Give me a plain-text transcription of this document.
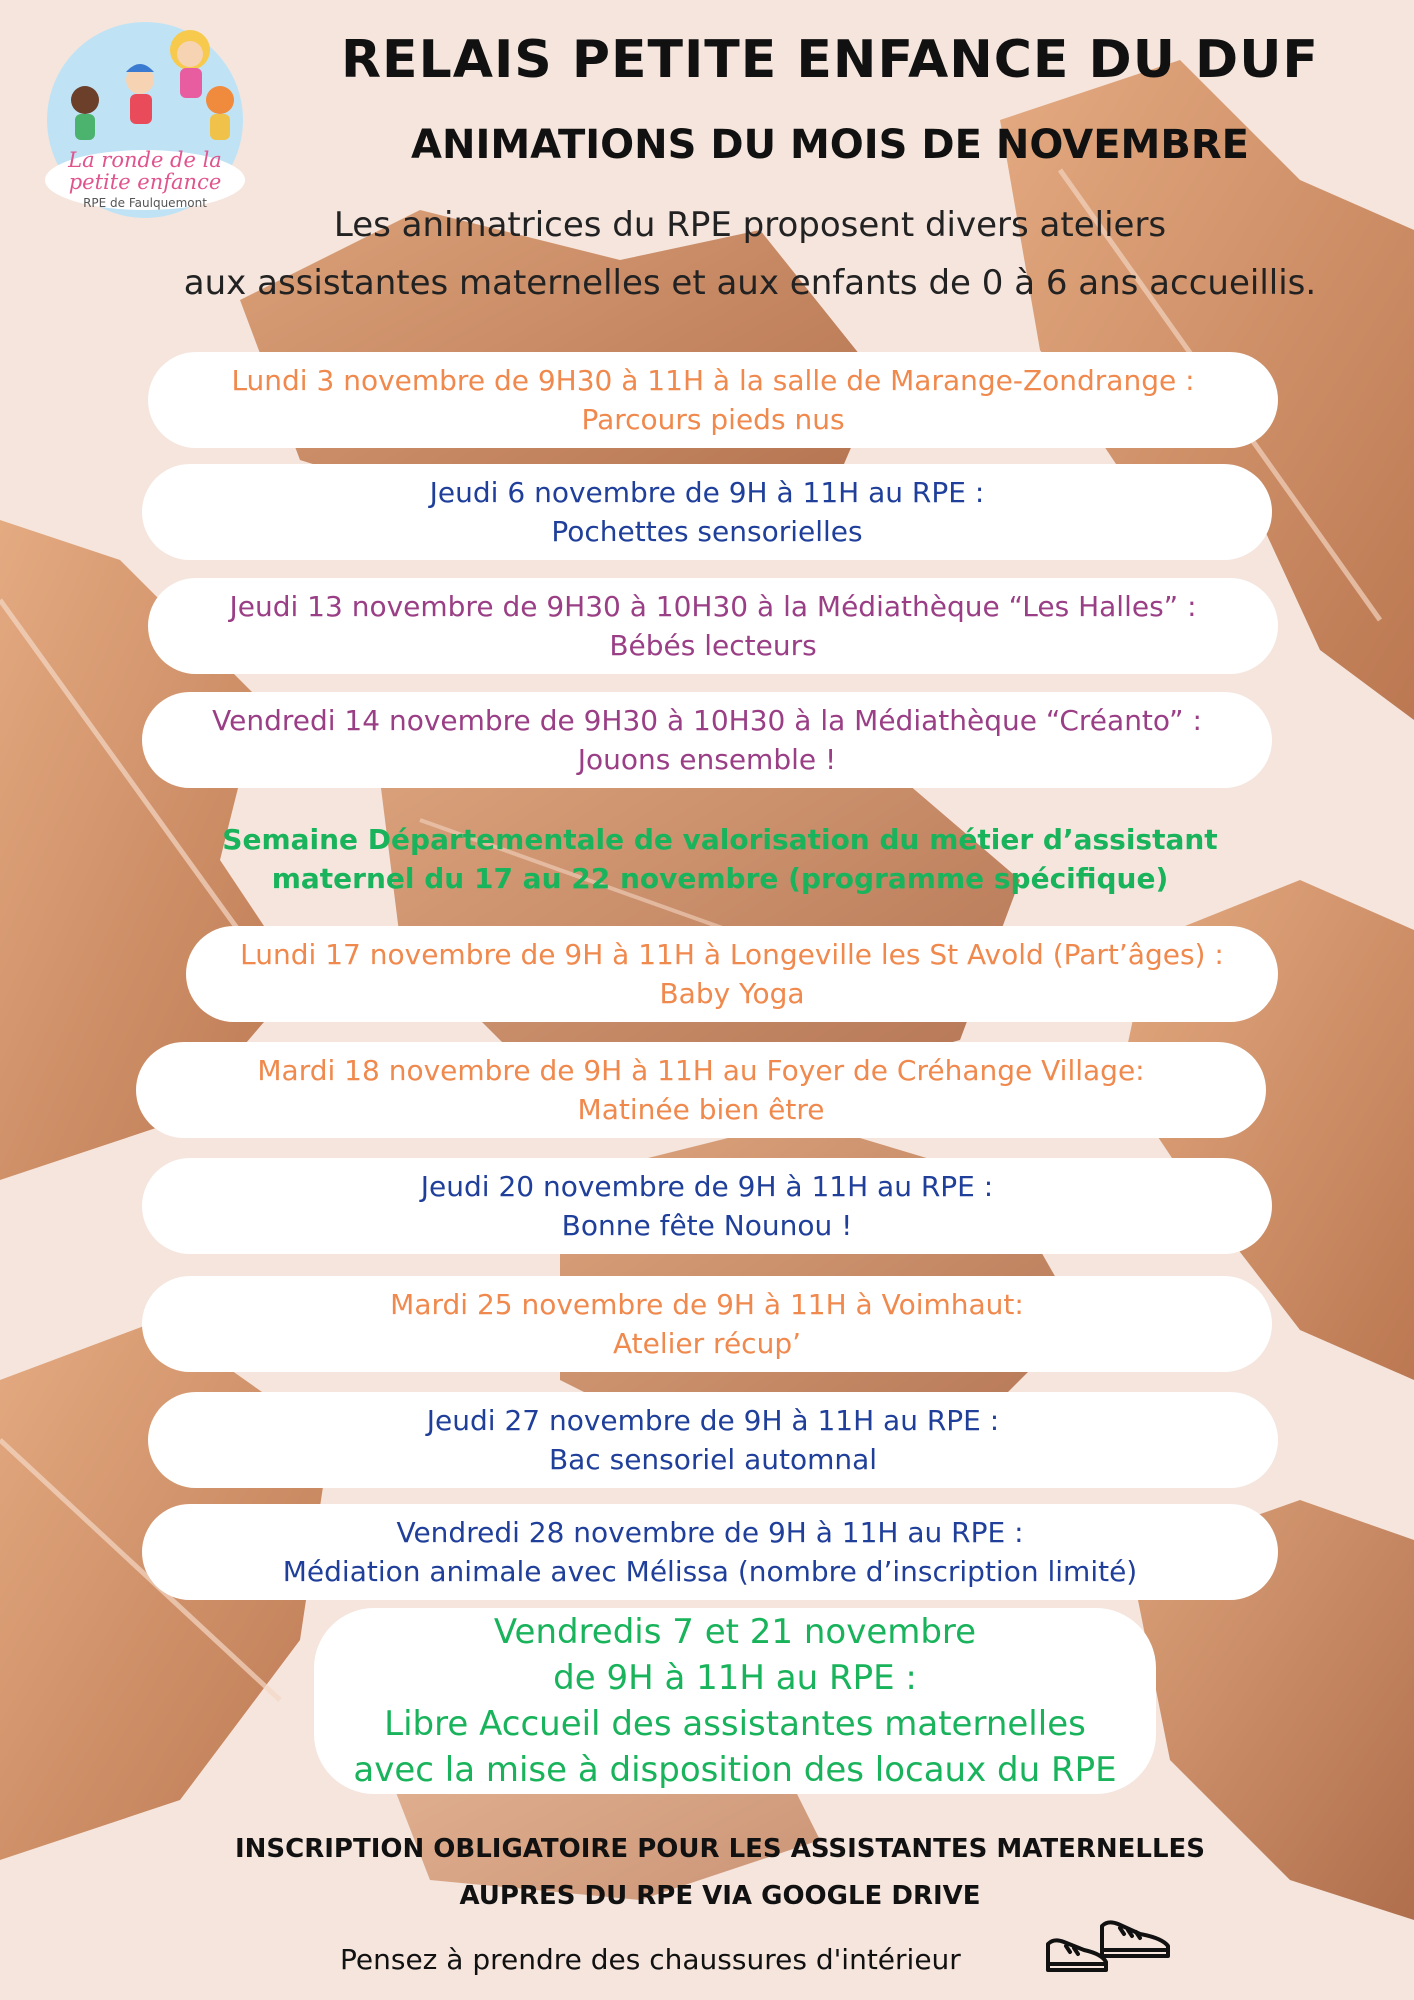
La ronde de la
petite enfance
RPE de Faulquemont
RELAIS PETITE ENFANCE DU DUF
ANIMATIONS DU MOIS DE NOVEMBRE
Les animatrices du RPE proposent divers ateliers
aux assistantes maternelles et aux enfants de 0 à 6 ans accueillis.
Lundi 3 novembre de 9H30 à 11H à la salle de Marange-Zondrange :
Parcours pieds nus
Jeudi 6 novembre de 9H à 11H au RPE :
Pochettes sensorielles
Jeudi 13 novembre de 9H30 à 10H30 à la Médiathèque “Les Halles” :
Bébés lecteurs
Vendredi 14 novembre de 9H30 à 10H30 à la Médiathèque “Créanto” :
Jouons ensemble !
Semaine Départementale de valorisation du métier d’assistant
maternel du 17 au 22 novembre (programme spécifique)
Lundi 17 novembre de 9H à 11H à Longeville les St Avold (Part’âges) :
Baby Yoga
Mardi 18 novembre de 9H à 11H au Foyer de Créhange Village:
Matinée bien être
Jeudi 20 novembre de 9H à 11H au RPE :
Bonne fête Nounou !
Mardi 25 novembre de 9H à 11H à Voimhaut:
Atelier récup’
Jeudi 27 novembre de 9H à 11H au RPE :
Bac sensoriel automnal
Vendredi 28 novembre de 9H à 11H au RPE :
Médiation animale avec Mélissa (nombre d’inscription limité)
Vendredis 7 et 21 novembre
de 9H à 11H au RPE :
Libre Accueil des assistantes maternelles
avec la mise à disposition des locaux du RPE
INSCRIPTION OBLIGATOIRE POUR LES ASSISTANTES MATERNELLES
AUPRES DU RPE VIA GOOGLE DRIVE
Pensez à prendre des chaussures d'intérieur
